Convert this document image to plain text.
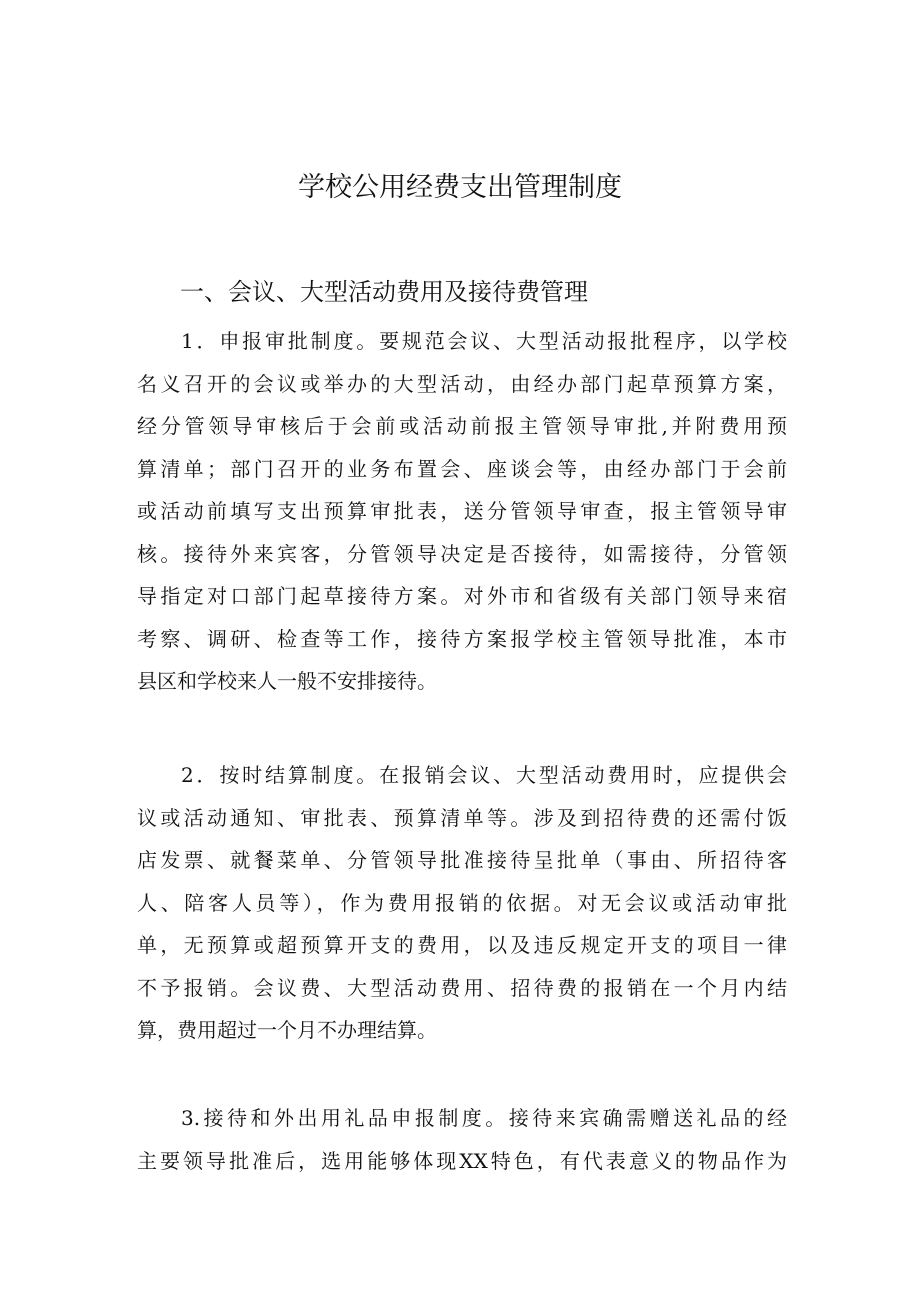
学校公用经费支出管理制度
一、会议、大型活动费用及接待费管理
1．申报审批制度。要规范会议、大型活动报批程序，以学校
名义召开的会议或举办的大型活动，由经办部门起草预算方案，
经分管领导审核后于会前或活动前报主管领导审批,并附费用预
算清单；部门召开的业务布置会、座谈会等，由经办部门于会前
或活动前填写支出预算审批表，送分管领导审查，报主管领导审
核。接待外来宾客，分管领导决定是否接待，如需接待，分管领
导指定对口部门起草接待方案。对外市和省级有关部门领导来宿
考察、调研、检查等工作，接待方案报学校主管领导批准，本市
县区和学校来人一般不安排接待。
2．按时结算制度。在报销会议、大型活动费用时，应提供会
议或活动通知、审批表、预算清单等。涉及到招待费的还需付饭
店发票、就餐菜单、分管领导批准接待呈批单（事由、所招待客
人、陪客人员等），作为费用报销的依据。对无会议或活动审批
单，无预算或超预算开支的费用，以及违反规定开支的项目一律
不予报销。会议费、大型活动费用、招待费的报销在一个月内结
算，费用超过一个月不办理结算。
3.接待和外出用礼品申报制度。接待来宾确需赠送礼品的经
主要领导批准后，选用能够体现XX特色，有代表意义的物品作为
